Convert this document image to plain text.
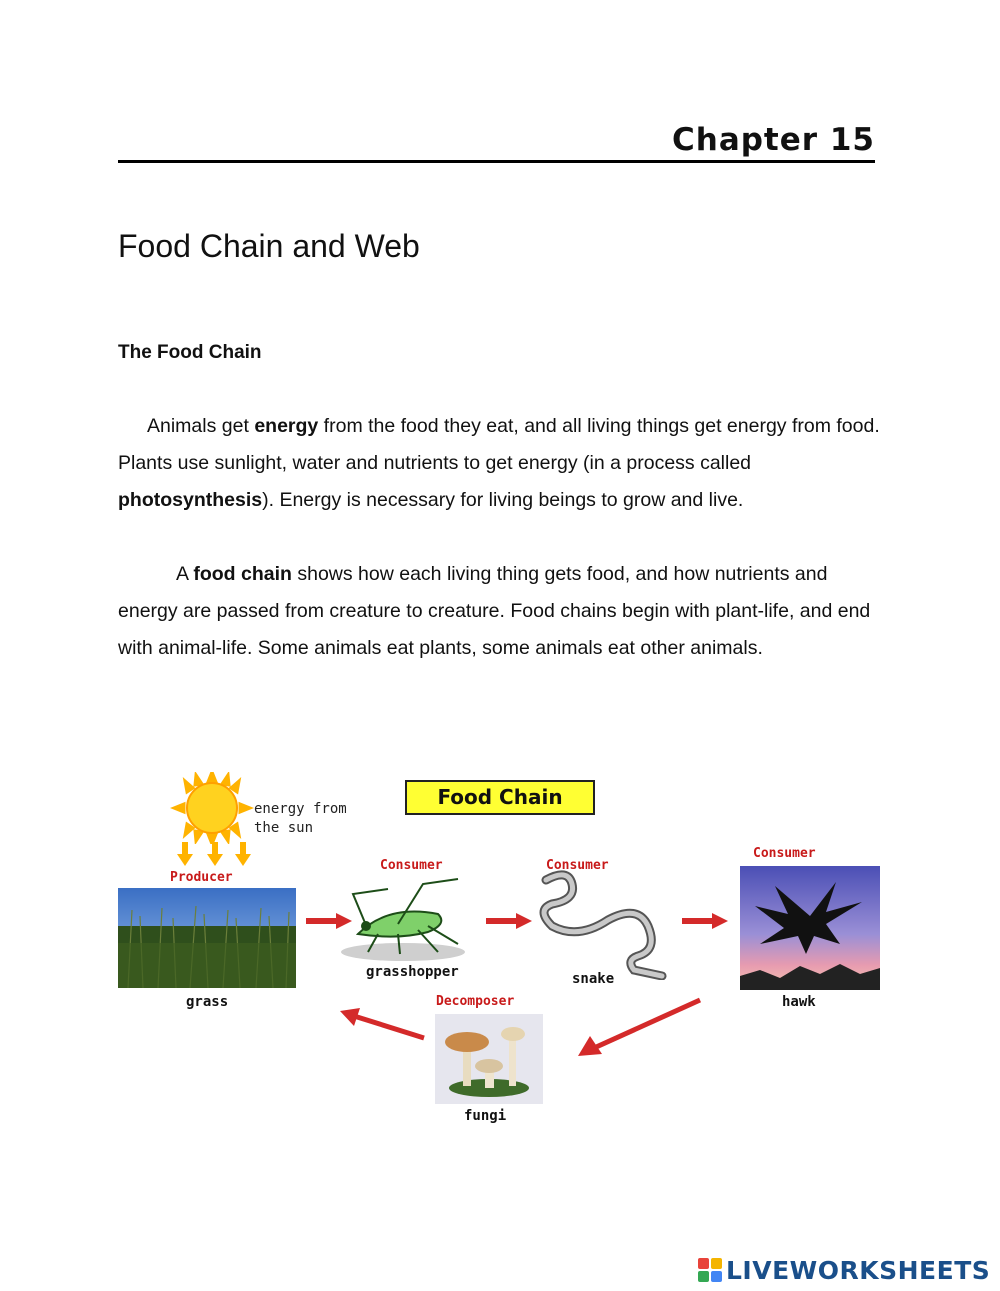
Chapter 15
Food Chain and Web
The Food Chain

Animals get energy from the food they eat, and all living things get energy from food. Plants use sunlight, water and nutrients to get energy (in a process called photosynthesis). Energy is necessary for living beings to grow and live.

A food chain shows how each living thing gets food, and how nutrients and energy are passed from creature to creature. Food chains begin with plant-life, and end with animal-life. Some animals eat plants, some animals eat other animals.

Food Chain
energy from
the sun
Producer
grass
Consumer
grasshopper
Consumer
snake
Consumer
hawk
Decomposer
fungi
LIVEWORKSHEETS
